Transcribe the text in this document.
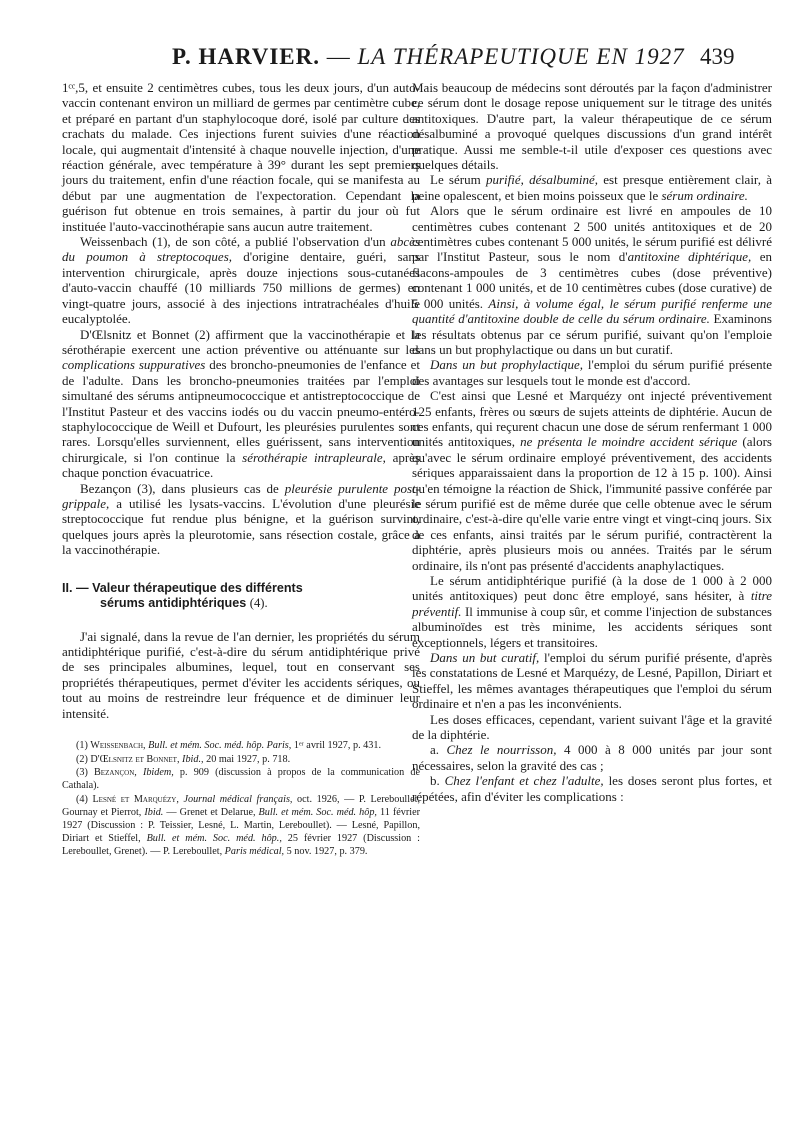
P. HARVIER. — LA THÉRAPEUTIQUE EN 1927 439

1ᶜᶜ,5, et ensuite 2 centimètres cubes, tous les deux jours, d'un auto-vaccin contenant environ un milliard de germes par centimètre cube, et préparé en partant d'un staphylocoque doré, isolé par culture des crachats du malade. Ces injections furent suivies d'une réaction locale, qui augmentait d'intensité à chaque nouvelle injection, d'une réaction générale, avec température à 39° durant les sept premiers jours du traitement, enfin d'une réaction focale, qui se manifesta au début par une augmentation de l'expectoration. Cependant la guérison fut obtenue en trois semaines, à partir du jour où fut instituée l'auto-vaccinothérapie sans aucun autre traitement.

Weissenbach (1), de son côté, a publié l'observation d'un abcès du poumon à streptocoques, d'origine dentaire, guéri, sans intervention chirurgicale, après douze injections sous-cutanées d'auto-vaccin chauffé (10 milliards 750 millions de germes) en vingt-quatre jours, associé à des injections intratrachéales d'huile eucalyptolée.

D'Œlsnitz et Bonnet (2) affirment que la vaccinothérapie et la sérothérapie exercent une action préventive ou atténuante sur les complications suppuratives des broncho-pneumonies de l'enfance et de l'adulte. Dans les broncho-pneumonies traitées par l'emploi simultané des sérums antipneumococcique et antistreptococcique de l'Institut Pasteur et des vaccins iodés ou du vaccin pneumo-entéro-staphylococcique de Weill et Dufourt, les pleurésies purulentes sont rares. Lorsqu'elles surviennent, elles guérissent, sans intervention chirurgicale, si l'on continue la sérothérapie intrapleurale, après chaque ponction évacuatrice.

Bezançon (3), dans plusieurs cas de pleurésie purulente post-grippale, a utilisé les lysats-vaccins. L'évolution d'une pleurésie streptococcique fut rendue plus bénigne, et la guérison survint, quelques jours après la pleurotomie, sans résection costale, grâce à la vaccinothérapie.

II. — Valeur thérapeutique des différents
sérums antidiphtériques (4).

J'ai signalé, dans la revue de l'an dernier, les propriétés du sérum antidiphtérique purifié, c'est-à-dire du sérum antidiphtérique privé de ses principales albumines, lequel, tout en conservant ses propriétés thérapeutiques, permet d'éviter les accidents sériques, ou tout au moins de restreindre leur fréquence et de diminuer leur intensité.

(1) Weissenbach, Bull. et mém. Soc. méd. hôp. Paris, 1ᵉʳ avril 1927, p. 431.

(2) D'Œlsnitz et Bonnet, Ibid., 20 mai 1927, p. 718.

(3) Bezançon, Ibidem, p. 909 (discussion à propos de la communication de Cathala).

(4) Lesné et Marquézy, Journal médical français, oct. 1926, — P. Lereboullet, Gournay et Pierrot, Ibid. — Grenet et Delarue, Bull. et mém. Soc. méd. hôp, 11 février 1927 (Discussion : P. Teissier, Lesné, L. Martin, Lereboullet). — Lesné, Papillon, Diriart et Stieffel, Bull. et mém. Soc. méd. hôp., 25 février 1927 (Discussion : Lereboullet, Grenet). — P. Lereboullet, Paris médical, 5 nov. 1927, p. 379.

Mais beaucoup de médecins sont déroutés par la façon d'administrer ce sérum dont le dosage repose uniquement sur le titrage des unités antitoxiques. D'autre part, la valeur thérapeutique de ce sérum désalbuminé a provoqué quelques discussions d'un grand intérêt pratique. Aussi me semble-t-il utile d'exposer ces questions avec quelques détails.

Le sérum purifié, désalbuminé, est presque entièrement clair, à peine opalescent, et bien moins poisseux que le sérum ordinaire.

Alors que le sérum ordinaire est livré en ampoules de 10 centimètres cubes contenant 2 500 unités antitoxiques et de 20 centimètres cubes contenant 5 000 unités, le sérum purifié est délivré par l'Institut Pasteur, sous le nom d'antitoxine diphtérique, en flacons-ampoules de 3 centimètres cubes (dose préventive) contenant 1 000 unités, et de 10 centimètres cubes (dose curative) de 5 000 unités. Ainsi, à volume égal, le sérum purifié renferme une quantité d'antitoxine double de celle du sérum ordinaire. Examinons les résultats obtenus par ce sérum purifié, suivant qu'on l'emploie dans un but prophylactique ou dans un but curatif.

Dans un but prophylactique, l'emploi du sérum purifié présente des avantages sur lesquels tout le monde est d'accord.

C'est ainsi que Lesné et Marquézy ont injecté préventivement 125 enfants, frères ou sœurs de sujets atteints de diphtérie. Aucun de ces enfants, qui reçurent chacun une dose de sérum renfermant 1 000 unités antitoxiques, ne présenta le moindre accident sérique (alors qu'avec le sérum ordinaire employé préventivement, des accidents sériques apparaissaient dans la proportion de 12 à 15 p. 100). Ainsi qu'en témoigne la réaction de Shick, l'immunité passive conférée par le sérum purifié est de même durée que celle obtenue avec le sérum ordinaire, c'est-à-dire qu'elle varie entre vingt et vingt-cinq jours. Six de ces enfants, ainsi traités par le sérum purifié, contractèrent la diphtérie, après plusieurs mois ou années. Traités par le sérum ordinaire, ils n'ont pas présenté d'accidents anaphylactiques.

Le sérum antidiphtérique purifié (à la dose de 1 000 à 2 000 unités antitoxiques) peut donc être employé, sans hésiter, à titre préventif. Il immunise à coup sûr, et comme l'injection de substances albuminoïdes est très minime, les accidents sériques sont exceptionnels, légers et transitoires.

Dans un but curatif, l'emploi du sérum purifié présente, d'après les constatations de Lesné et Marquézy, de Lesné, Papillon, Diriart et Stieffel, les mêmes avantages thérapeutiques que l'emploi du sérum ordinaire et n'en a pas les inconvénients.

Les doses efficaces, cependant, varient suivant l'âge et la gravité de la diphtérie.

a. Chez le nourrisson, 4 000 à 8 000 unités par jour sont nécessaires, selon la gravité des cas ;

b. Chez l'enfant et chez l'adulte, les doses seront plus fortes, et répétées, afin d'éviter les complications :
